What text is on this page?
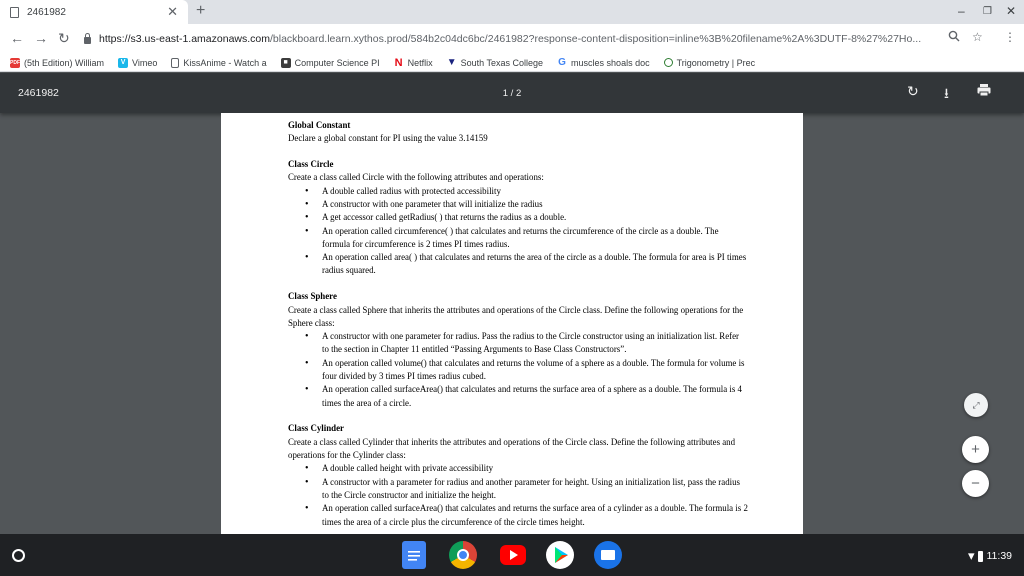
2461982	✕ +	– ❐ ✕
← → ↻	https://s3.us-east-1.amazonaws.com /blackboard.learn.xythos.prod/584b2c04dc6bc/2461982?response-content-disposition=inline%3B%20filename%2A%3DUTF-8%27%27Ho...	☆ ⋮
PDF (5th Edition) William	V Vimeo	KissAnime - Watch a	■ Computer Science PI N Netflix ▼ South Texas College G muscles shoals doc	Trigonometry | Prec
2461982	1 / 2	↻ ⭳
Global Constant
Declare a global constant for PI using the value 3.14159
Class Circle
Create a class called Circle with the following attributes and operations:
• A double called radius with protected accessibility
• A constructor with one parameter that will initialize the radius
• A get accessor called getRadius( ) that returns the radius as a double.
• An operation called circumference( ) that calculates and returns the circumference of the circle as a double. The formula for circumference is 2 times PI times radius.
• An operation called area( ) that calculates and returns the area of the circle as a double. The formula for area is PI times radius squared.
Class Sphere
Create a class called Sphere that inherits the attributes and operations of the Circle class. Define the following operations for the Sphere class:
• A constructor with one parameter for radius. Pass the radius to the Circle constructor using an initialization list. Refer to the section in Chapter 11 entitled “Passing Arguments to Base Class Constructors”.
• An operation called volume() that calculates and returns the volume of a sphere as a double. The formula for volume is four divided by 3 times PI times radius cubed.
• An operation called surfaceArea() that calculates and returns the surface area of a sphere as a double. The formula is 4 times the area of a circle.
Class Cylinder
Create a class called Cylinder that inherits the attributes and operations of the Circle class. Define the following attributes and operations for the Cylinder class:
• A double called height with private accessibility
• A constructor with a parameter for radius and another parameter for height. Using an initialization list, pass the radius to the Circle constructor and initialize the height.
• An operation called surfaceArea() that calculates and returns the surface area of a cylinder as a double. The formula is 2 times the area of a circle plus the circumference of the circle times height.
⤢
+
−
▾ 11:39
